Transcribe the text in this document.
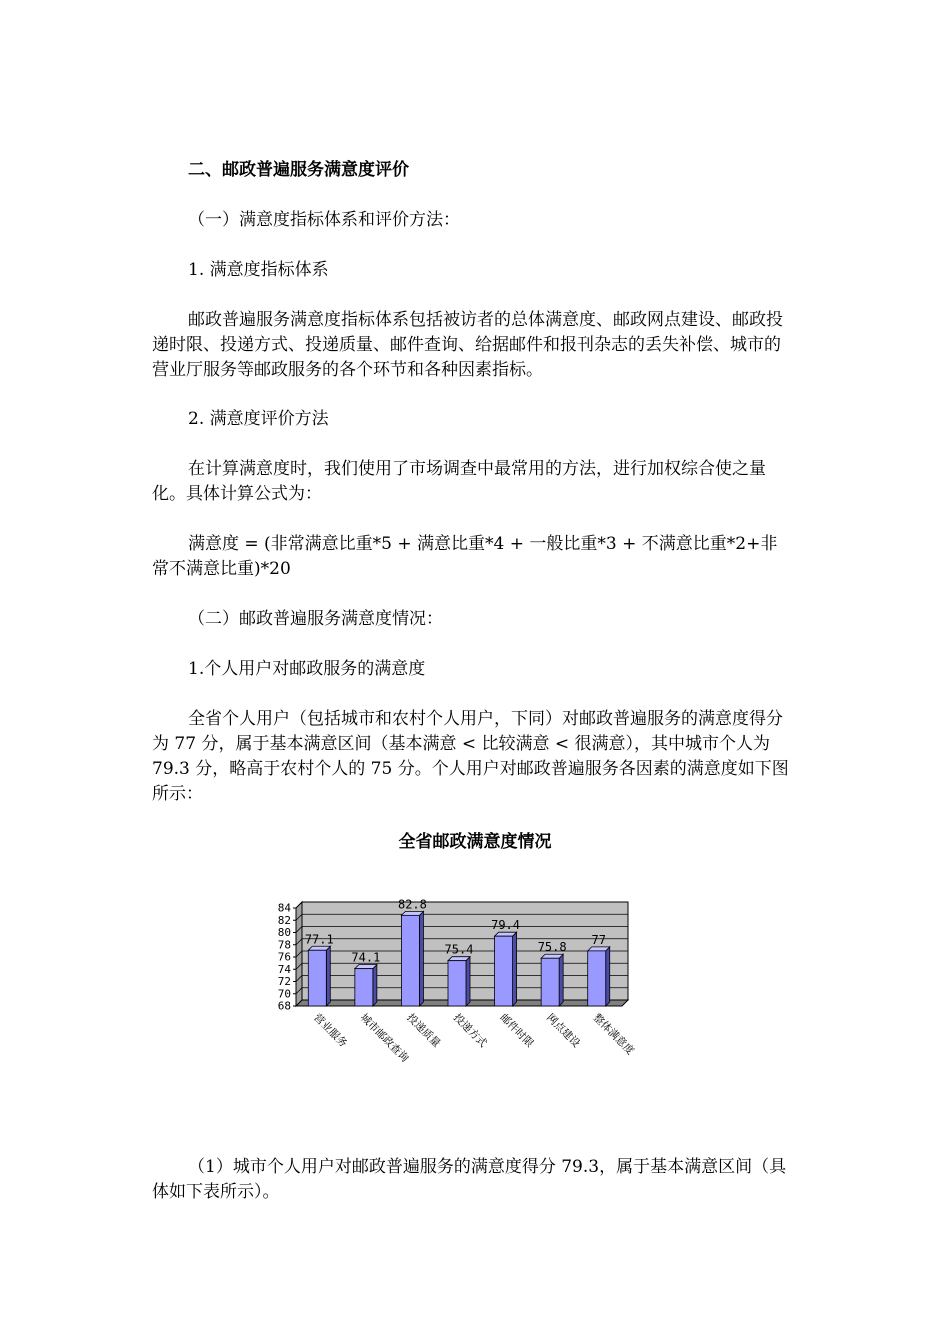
二、邮政普遍服务满意度评价

（一）满意度指标体系和评价方法：

1. 满意度指标体系

邮政普遍服务满意度指标体系包括被访者的总体满意度、邮政网点建设、邮政投递时限、投递方式、投递质量、邮件查询、给据邮件和报刊杂志的丢失补偿、城市的营业厅服务等邮政服务的各个环节和各种因素指标。

2. 满意度评价方法

在计算满意度时，我们使用了市场调查中最常用的方法，进行加权综合使之量化。具体计算公式为：

满意度 = (非常满意比重*5 + 满意比重*4 + 一般比重*3 + 不满意比重*2+非常不满意比重)*20

（二）邮政普遍服务满意度情况：

1.个人用户对邮政服务的满意度

全省个人用户（包括城市和农村个人用户，下同）对邮政普遍服务的满意度得分为 77 分，属于基本满意区间（基本满意 < 比较满意 < 很满意），其中城市个人为 79.3 分，略高于农村个人的 75 分。个人用户对邮政普遍服务各因素的满意度如下图所示：

全省邮政满意度情况

68
70
72
74
76
78
80
82
84
77.1
营业服务
74.1
城市邮政查询
82.8
投递质量
75.4
投递方式
79.4
邮件时限
75.8
网点建设
77
整体满意度

（1）城市个人用户对邮政普遍服务的满意度得分 79.3，属于基本满意区间（具体如下表所示）。
